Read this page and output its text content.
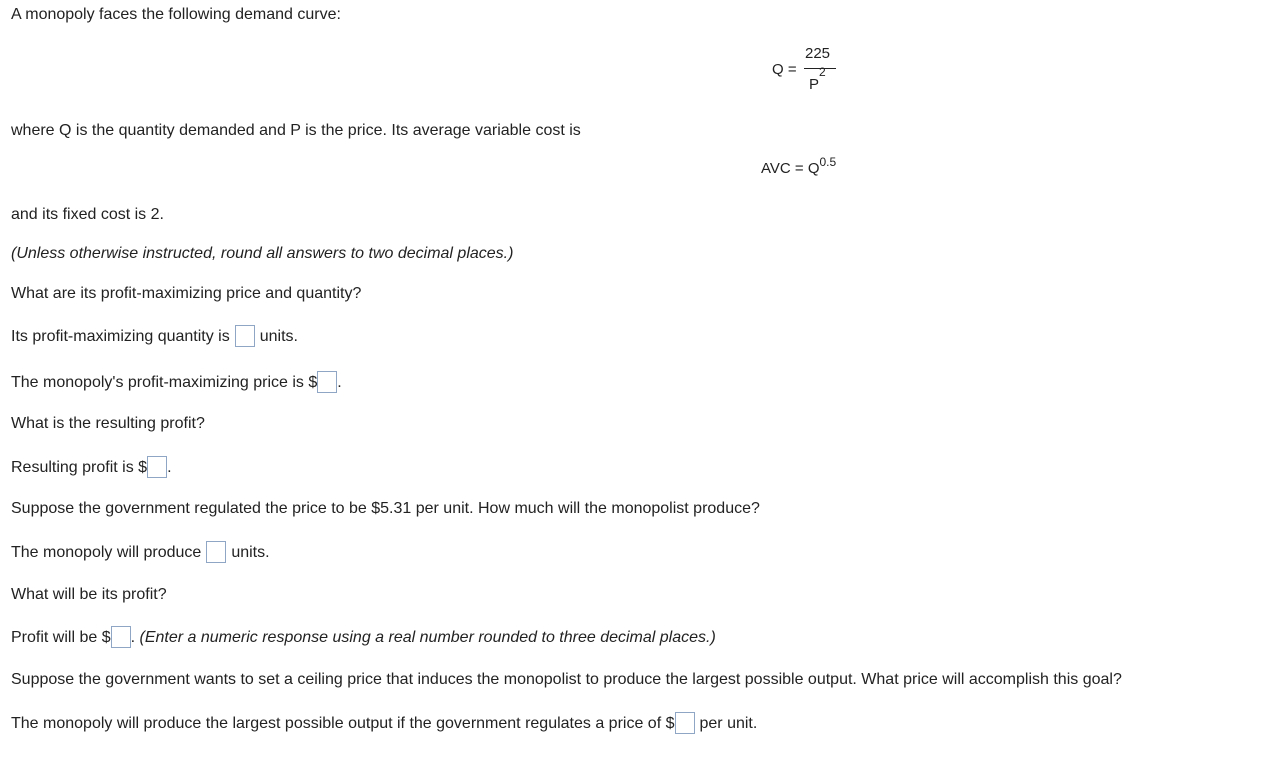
A monopoly faces the following demand curve:
Q =
225
$P^2$
where Q is the quantity demanded and P is the price. Its average variable cost is
AVC = $Q^{0.5}$
and its fixed cost is 2.
(Unless otherwise instructed, round all answers to two decimal places.)
What are its profit-maximizing price and quantity?
Its profit-maximizing quantity is units.
The monopoly's profit-maximizing price is $ .
What is the resulting profit?
Resulting profit is $ .
Suppose the government regulated the price to be $5.31 per unit. How much will the monopolist produce?
The monopoly will produce units.
What will be its profit?
Profit will be $ . (Enter a numeric response using a real number rounded to three decimal places.)
Suppose the government wants to set a ceiling price that induces the monopolist to produce the largest possible output. What price will accomplish this goal?
The monopoly will produce the largest possible output if the government regulates a price of $ per unit.
